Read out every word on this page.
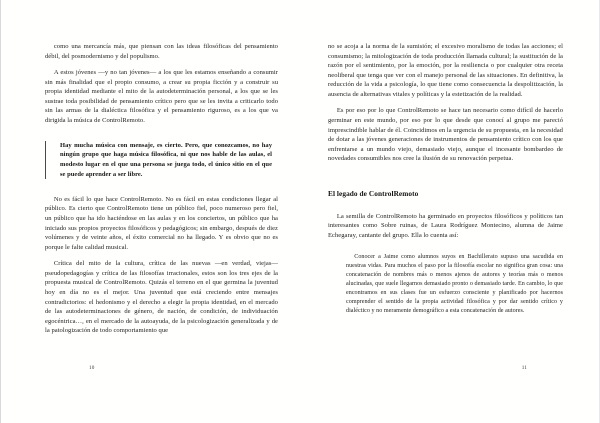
como una mercancía más, que piensan con las ideas filosóficas del pensamiento débil, del posmodernismo y del populismo.

A estos jóvenes —y no tan jóvenes— a los que les estamos enseñando a consumir sin más finalidad que el propio consumo, a crear su propia ficción y a construir su propia identidad mediante el mito de la autodeterminación personal, a los que se les sustrae toda posibilidad de pensamiento crítico pero que se les invita a criticarlo todo sin las armas de la dialéctica filosófica y el pensamiento riguroso, es a los que va dirigida la música de ControlRemoto.

Hay mucha música con mensaje, es cierto. Pero, que conozcamos, no hay ningún grupo que haga música filosófica, ni que nos hable de las aulas, el modesto lugar en el que una persona se juega todo, el único sitio en el que se puede aprender a ser libre.

No es fácil lo que hace ControlRemoto. No es fácil en estas condiciones llegar al público. Es cierto que ControlRemoto tiene un público fiel, poco numeroso pero fiel, un público que ha ido haciéndose en las aulas y en los conciertos, un público que ha iniciado sus propios proyectos filosóficos y pedagógicos; sin embargo, después de diez volúmenes y de veinte años, el éxito comercial no ha llegado. Y es obvio que no es porque le falte calidad musical.

Crítica del mito de la cultura, crítica de las nuevas —en verdad, viejas— pseudopedagogías y crítica de las filosofías irracionales, estos son los tres ejes de la propuesta musical de ControlRemoto. Quizás el terreno en el que germina la juventud hoy en día no es el mejor. Una juventud que está creciendo entre mensajes contradictorios: el hedonismo y el derecho a elegir la propia identidad, en el mercado de las autodeterminaciones de género, de nación, de condición, de individuación egocéntrica…, en el mercado de la autoayuda, de la psicologización generalizada y de la patologización de todo comportamiento que

10

no se acoja a la norma de la sumisión; el excesivo moralismo de todas las acciones; el consumismo; la mitologización de toda producción llamada cultural; la sustitución de la razón por el sentimiento, por la emoción, por la resiliencia o por cualquier otra receta neoliberal que tenga que ver con el manejo personal de las situaciones. En definitiva, la reducción de la vida a psicología, lo que tiene como consecuencia la despolitización, la ausencia de alternativas vitales y políticas y la estetización de la realidad.

Es por eso por lo que ControlRemoto se hace tan necesario como difícil de hacerlo germinar en este mundo, por eso por lo que desde que conocí al grupo me pareció imprescindible hablar de él. Coincidimos en la urgencia de su propuesta, en la necesidad de dotar a las jóvenes generaciones de instrumentos de pensamiento crítico con los que enfrentarse a un mundo viejo, demasiado viejo, aunque el incesante bombardeo de novedades consumibles nos cree la ilusión de su renovación perpetua.

El legado de ControlRemoto

La semilla de ControlRemoto ha germinado en proyectos filosóficos y políticos tan interesantes como Sobre ruinas, de Laura Rodríguez Montecino, alumna de Jaime Echegaray, cantante del grupo. Ella lo cuenta así:

Conocer a Jaime como alumnos suyos en Bachillerato supuso una sacudida en nuestras vidas. Para muchos el paso por la filosofía escolar no significa gran cosa: una concatenación de nombres más o menos ajenos de autores y teorías más o menos alucinadas, que suele llegarnos demasiado pronto o demasiado tarde. En cambio, lo que encontramos en sus clases fue un esfuerzo consciente y planificado por hacernos comprender el sentido de la propia actividad filosófica y por dar sentido crítico y dialéctico y no meramente demográfico a esta concatenación de autores.

11
